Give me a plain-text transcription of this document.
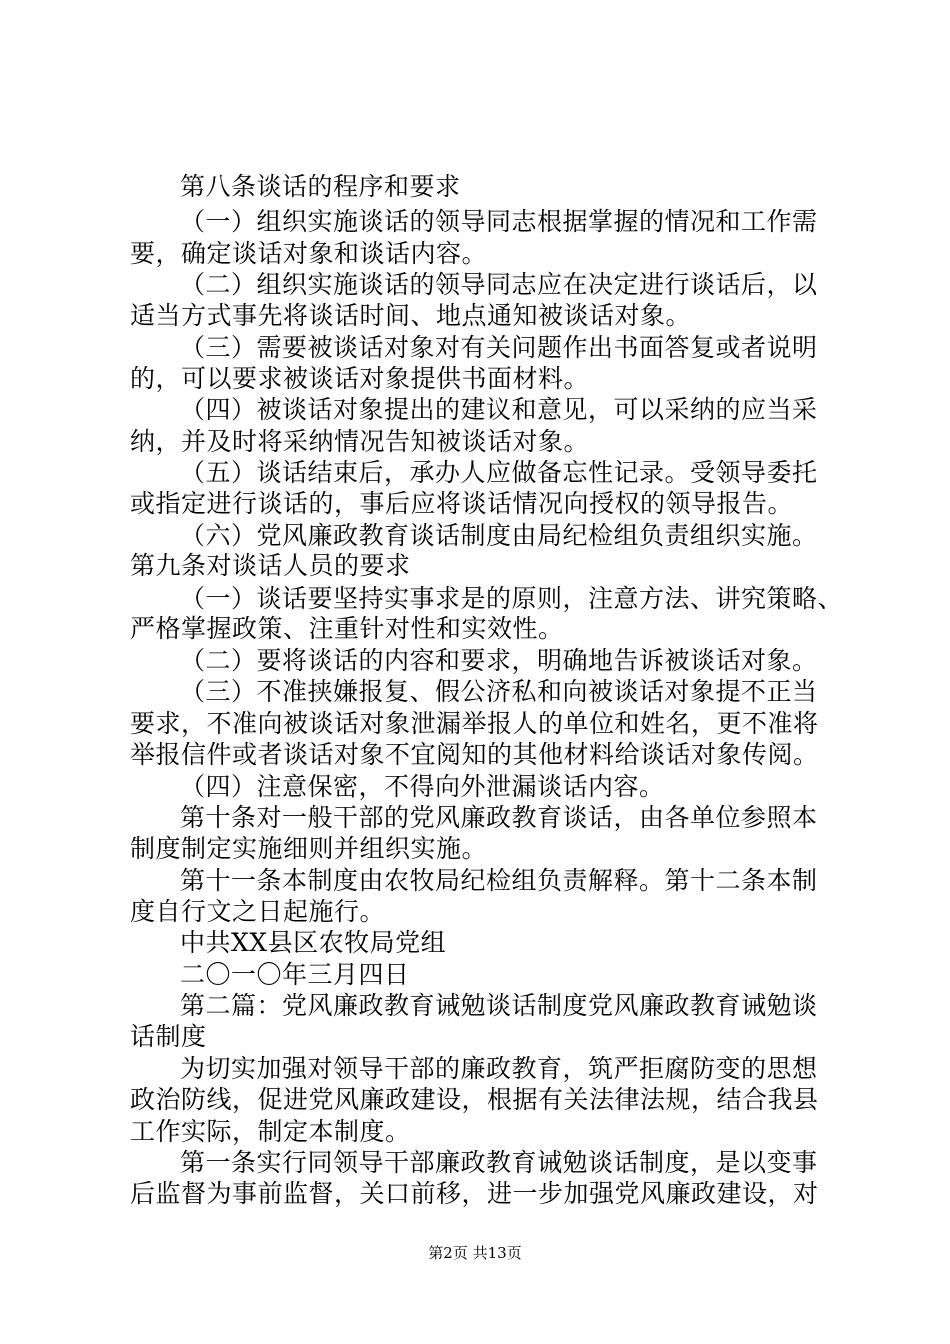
第八条谈话的程序和要求
（一）组织实施谈话的领导同志根据掌握的情况和工作需
要，确定谈话对象和谈话内容。
（二）组织实施谈话的领导同志应在决定进行谈话后，以
适当方式事先将谈话时间、地点通知被谈话对象。
（三）需要被谈话对象对有关问题作出书面答复或者说明
的，可以要求被谈话对象提供书面材料。
（四）被谈话对象提出的建议和意见，可以采纳的应当采
纳，并及时将采纳情况告知被谈话对象。
（五）谈话结束后，承办人应做备忘性记录。受领导委托
或指定进行谈话的，事后应将谈话情况向授权的领导报告。
（六）党风廉政教育谈话制度由局纪检组负责组织实施。
第九条对谈话人员的要求
（一）谈话要坚持实事求是的原则，注意方法、讲究策略、
严格掌握政策、注重针对性和实效性。
（二）要将谈话的内容和要求，明确地告诉被谈话对象。
（三）不准挟嫌报复、假公济私和向被谈话对象提不正当
要求，不准向被谈话对象泄漏举报人的单位和姓名，更不准将
举报信件或者谈话对象不宜阅知的其他材料给谈话对象传阅。
（四）注意保密，不得向外泄漏谈话内容。
第十条对一般干部的党风廉政教育谈话，由各单位参照本
制度制定实施细则并组织实施。
第十一条本制度由农牧局纪检组负责解释。第十二条本制
度自行文之日起施行。
中共XX县区农牧局党组
二〇一〇年三月四日
第二篇：党风廉政教育诫勉谈话制度党风廉政教育诫勉谈
话制度
为切实加强对领导干部的廉政教育，筑严拒腐防变的思想
政治防线，促进党风廉政建设，根据有关法律法规，结合我县
工作实际，制定本制度。
第一条实行同领导干部廉政教育诫勉谈话制度，是以变事
后监督为事前监督，关口前移，进一步加强党风廉政建设，对
第2页 共13页
